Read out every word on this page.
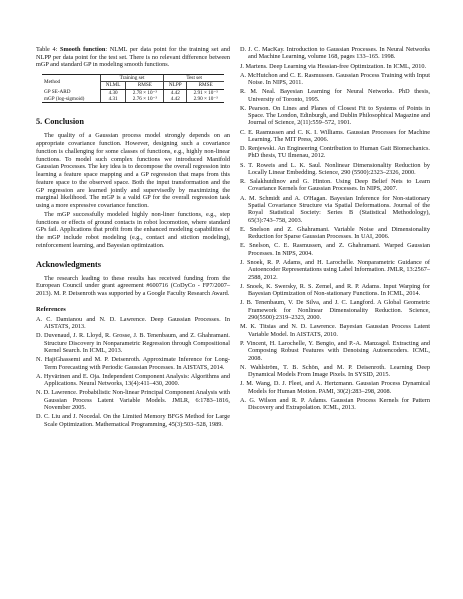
Table 4: Smooth function: NLML per data point for the training set and NLPP per data point for the test set. There is no relevant difference between mGP and standard GP in modeling smooth functions.

Method	Training set		Test set	
	NLML	RMSE	NLPP	RMSE
GP SE-ARD	4.30	2.78 × 10⁻³	4.42	2.91 × 10⁻³
mGP (log-sigmoid)	4.31	2.76 × 10⁻³	4.42	2.90 × 10⁻³
5. Conclusion

The quality of a Gaussian process model strongly depends on an appropriate covariance function. However, designing such a covariance function is challenging for some classes of functions, e.g., highly non-linear functions. To model such complex functions we introduced Manifold Gaussian Processes. The key idea is to decompose the overall regression into learning a feature space mapping and a GP regression that maps from this feature space to the observed space. Both the input transformation and the GP regression are learned jointly and supervisedly by maximizing the marginal likelihood. The mGP is a valid GP for the overall regression task using a more expressive covariance function.

The mGP successfully modeled highly non-liner functions, e.g., step functions or effects of ground contacts in robot locomotion, where standard GPs fail. Applications that profit from the enhanced modeling capabilities of the mGP include robot modeling (e.g., contact and stiction modeling), reinforcement learning, and Bayesian optimization.

Acknowledgments

The research leading to these results has received funding from the European Council under grant agreement #600716 (CoDyCo - FP7/2007–2013). M. P. Deisenroth was supported by a Google Faculty Research Award.

References

A. C. Damianou and N. D. Lawrence. Deep Gaussian Processes. In AISTATS, 2013.

D. Duvenaud, J. R. Lloyd, R. Grosse, J. B. Tenenbaum, and Z. Ghahramani. Structure Discovery in Nonparametric Regression through Compositional Kernel Search. In ICML, 2013.

N. HajiGhassemi and M. P. Deisenroth. Approximate Inference for Long-Term Forecasting with Periodic Gaussian Processes. In AISTATS, 2014.

A. Hyvärinen and E. Oja. Independent Component Analysis: Algorithms and Applications. Neural Networks, 13(4):411–430, 2000.

N. D. Lawrence. Probabilistic Non-linear Principal Component Analysis with Gaussian Process Latent Variable Models. JMLR, 6:1783–1816, November 2005.

D. C. Liu and J. Nocedal. On the Limited Memory BFGS Method for Large Scale Optimization. Mathematical Programming, 45(3):503–528, 1989.

D. J. C. MacKay. Introduction to Gaussian Processes. In Neural Networks and Machine Learning, volume 168, pages 133–165. 1998.

J. Martens. Deep Learning via Hessian-free Optimization. In ICML, 2010.

A. McHutchon and C. E. Rasmussen. Gaussian Process Training with Input Noise. In NIPS, 2011.

R. M. Neal. Bayesian Learning for Neural Networks. PhD thesis, University of Toronto, 1995.

K. Pearson. On Lines and Planes of Closest Fit to Systems of Points in Space. The London, Edinburgh, and Dublin Philosophical Magazine and Journal of Science, 2(11):559–572, 1901.

C. E. Rasmussen and C. K. I. Williams. Gaussian Processes for Machine Learning. The MIT Press, 2006.

D. Renjewski. An Engineering Contribution to Human Gait Biomechanics. PhD thesis, TU Ilmenau, 2012.

S. T. Roweis and L. K. Saul. Nonlinear Dimensionality Reduction by Locally Linear Embedding. Science, 290 (5500):2323–2326, 2000.

R. Salakhutdinov and G. Hinton. Using Deep Belief Nets to Learn Covariance Kernels for Gaussian Processes. In NIPS, 2007.

A. M. Schmidt and A. O'Hagan. Bayesian Inference for Non-stationary Spatial Covariance Structure via Spatial Deformations. Journal of the Royal Statistical Society: Series B (Statistical Methodology), 65(3):743–758, 2003.

E. Snelson and Z. Ghahramani. Variable Noise and Dimensionality Reduction for Sparse Gaussian Processes. In UAI, 2006.

E. Snelson, C. E. Rasmussen, and Z. Ghahramani. Warped Gaussian Processes. In NIPS, 2004.

J. Snoek, R. P. Adams, and H. Larochelle. Nonparametric Guidance of Autoencoder Representations using Label Information. JMLR, 13:2567–2588, 2012.

J. Snoek, K. Swersky, R. S. Zemel, and R. P. Adams. Input Warping for Bayesian Optimization of Non-stationary Functions. In ICML, 2014.

J. B. Tenenbaum, V. De Silva, and J. C. Langford. A Global Geometric Framework for Nonlinear Dimensionality Reduction. Science, 290(5500):2319–2323, 2000.

M. K. Titsias and N. D. Lawrence. Bayesian Gaussian Process Latent Variable Model. In AISTATS, 2010.

P. Vincent, H. Larochelle, Y. Bengio, and P.-A. Manzagol. Extracting and Composing Robust Features with Denoising Autoencoders. ICML, 2008.

N. Wahlström, T. B. Schön, and M. P. Deisenroth. Learning Deep Dynamical Models From Image Pixels. In SYSID, 2015.

J. M. Wang, D. J. Fleet, and A. Hertzmann. Gaussian Process Dynamical Models for Human Motion. PAMI, 30(2):283–298, 2008.

A. G. Wilson and R. P. Adams. Gaussian Process Kernels for Pattern Discovery and Extrapolation. ICML, 2013.
